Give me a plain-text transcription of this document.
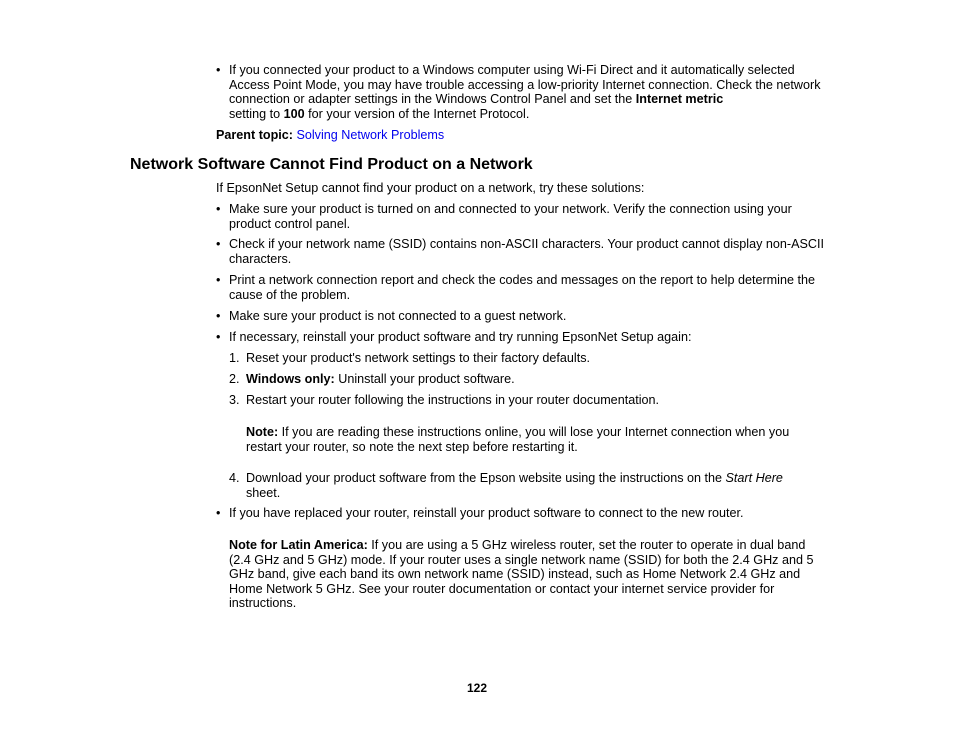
• If you connected your product to a Windows computer using Wi-Fi Direct and it automatically selected Access Point Mode, you may have trouble accessing a low-priority Internet connection. Check the network connection or adapter settings in the Windows Control Panel and set the Internet metric
setting to 100 for your version of the Internet Protocol.
Parent topic: Solving Network Problems
Network Software Cannot Find Product on a Network
If EpsonNet Setup cannot find your product on a network, try these solutions:
• Make sure your product is turned on and connected to your network. Verify the connection using your product control panel.
• Check if your network name (SSID) contains non-ASCII characters. Your product cannot display non-ASCII characters.
• Print a network connection report and check the codes and messages on the report to help determine the cause of the problem.
• Make sure your product is not connected to a guest network.
• If necessary, reinstall your product software and try running EpsonNet Setup again:
1. Reset your product's network settings to their factory defaults.
2. Windows only: Uninstall your product software.
3. Restart your router following the instructions in your router documentation.
Note: If you are reading these instructions online, you will lose your Internet connection when you restart your router, so note the next step before restarting it.
4. Download your product software from the Epson website using the instructions on the Start Here sheet.
• If you have replaced your router, reinstall your product software to connect to the new router.
Note for Latin America: If you are using a 5 GHz wireless router, set the router to operate in dual band (2.4 GHz and 5 GHz) mode. If your router uses a single network name (SSID) for both the 2.4 GHz and 5 GHz band, give each band its own network name (SSID) instead, such as Home Network 2.4 GHz and Home Network 5 GHz. See your router documentation or contact your internet service provider for instructions.
122
